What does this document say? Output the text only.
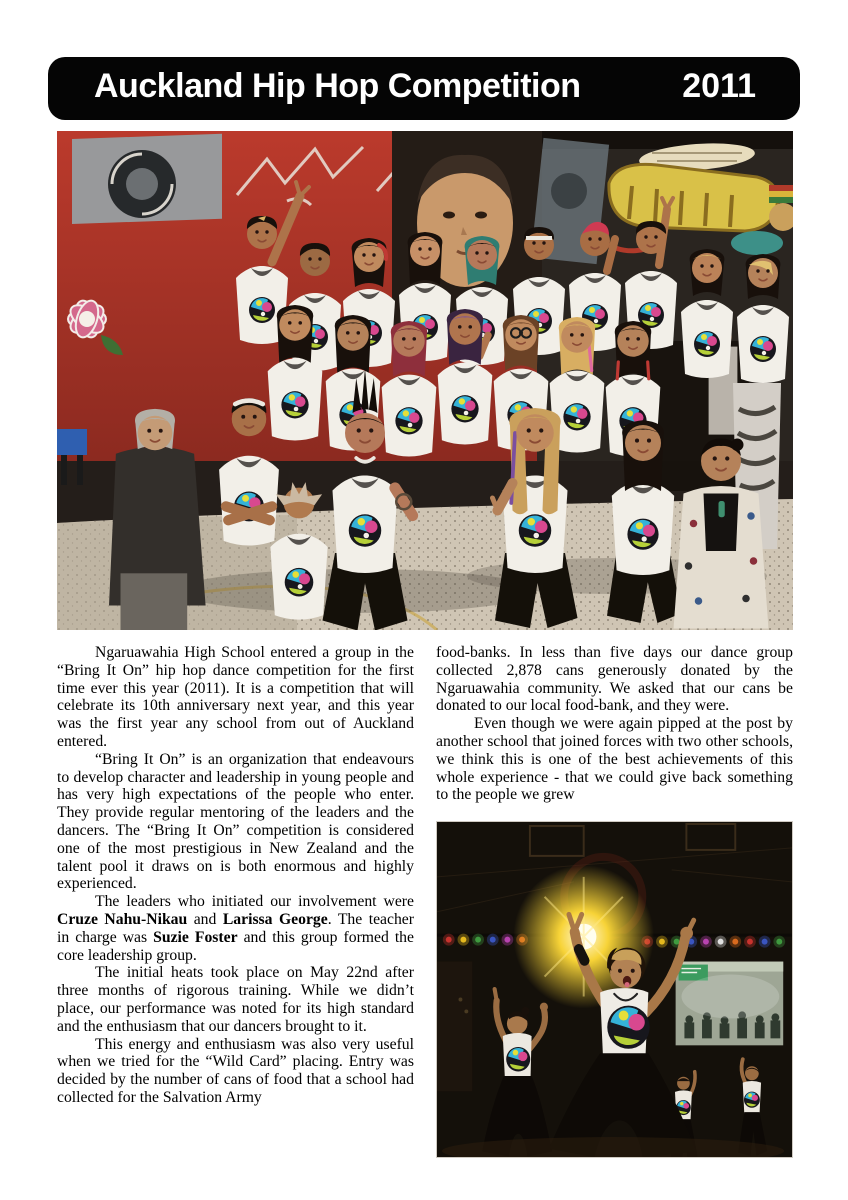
Auckland Hip Hop Competition	2011

Ngaruawahia High School entered a group in the “Bring It On” hip hop dance competition for the first time ever this year (2011). It is a competition that will celebrate its 10th anniversary next year, and this year was the first year any school from out of Auckland entered.

“Bring It On” is an organization that endeavours to develop character and leadership in young people and has very high expectations of the people who enter. They provide regular mentoring of the leaders and the dancers. The “Bring It On” competition is considered one of the most prestigious in New Zealand and the talent pool it draws on is both enormous and highly experienced.

The leaders who initiated our involvement were Cruze Nahu-Nikau and Larissa George. The teacher in charge was Suzie Foster and this group formed the core leadership group.

The initial heats took place on May 22nd after three months of rigorous training. While we didn’t place, our performance was noted for its high standard and the enthusiasm that our dancers brought to it.

This energy and enthusiasm was also very useful when we tried for the “Wild Card” placing. Entry was decided by the number of cans of food that a school had collected for the Salvation Army

food-banks. In less than five days our dance group collected 2,878 cans generously donated by the Ngaruawahia community. We asked that our cans be donated to our local food-bank, and they were.

Even though we were again pipped at the post by another school that joined forces with two other schools, we think this is one of the best achievements of this whole experience - that we could give back something to the people we grew
